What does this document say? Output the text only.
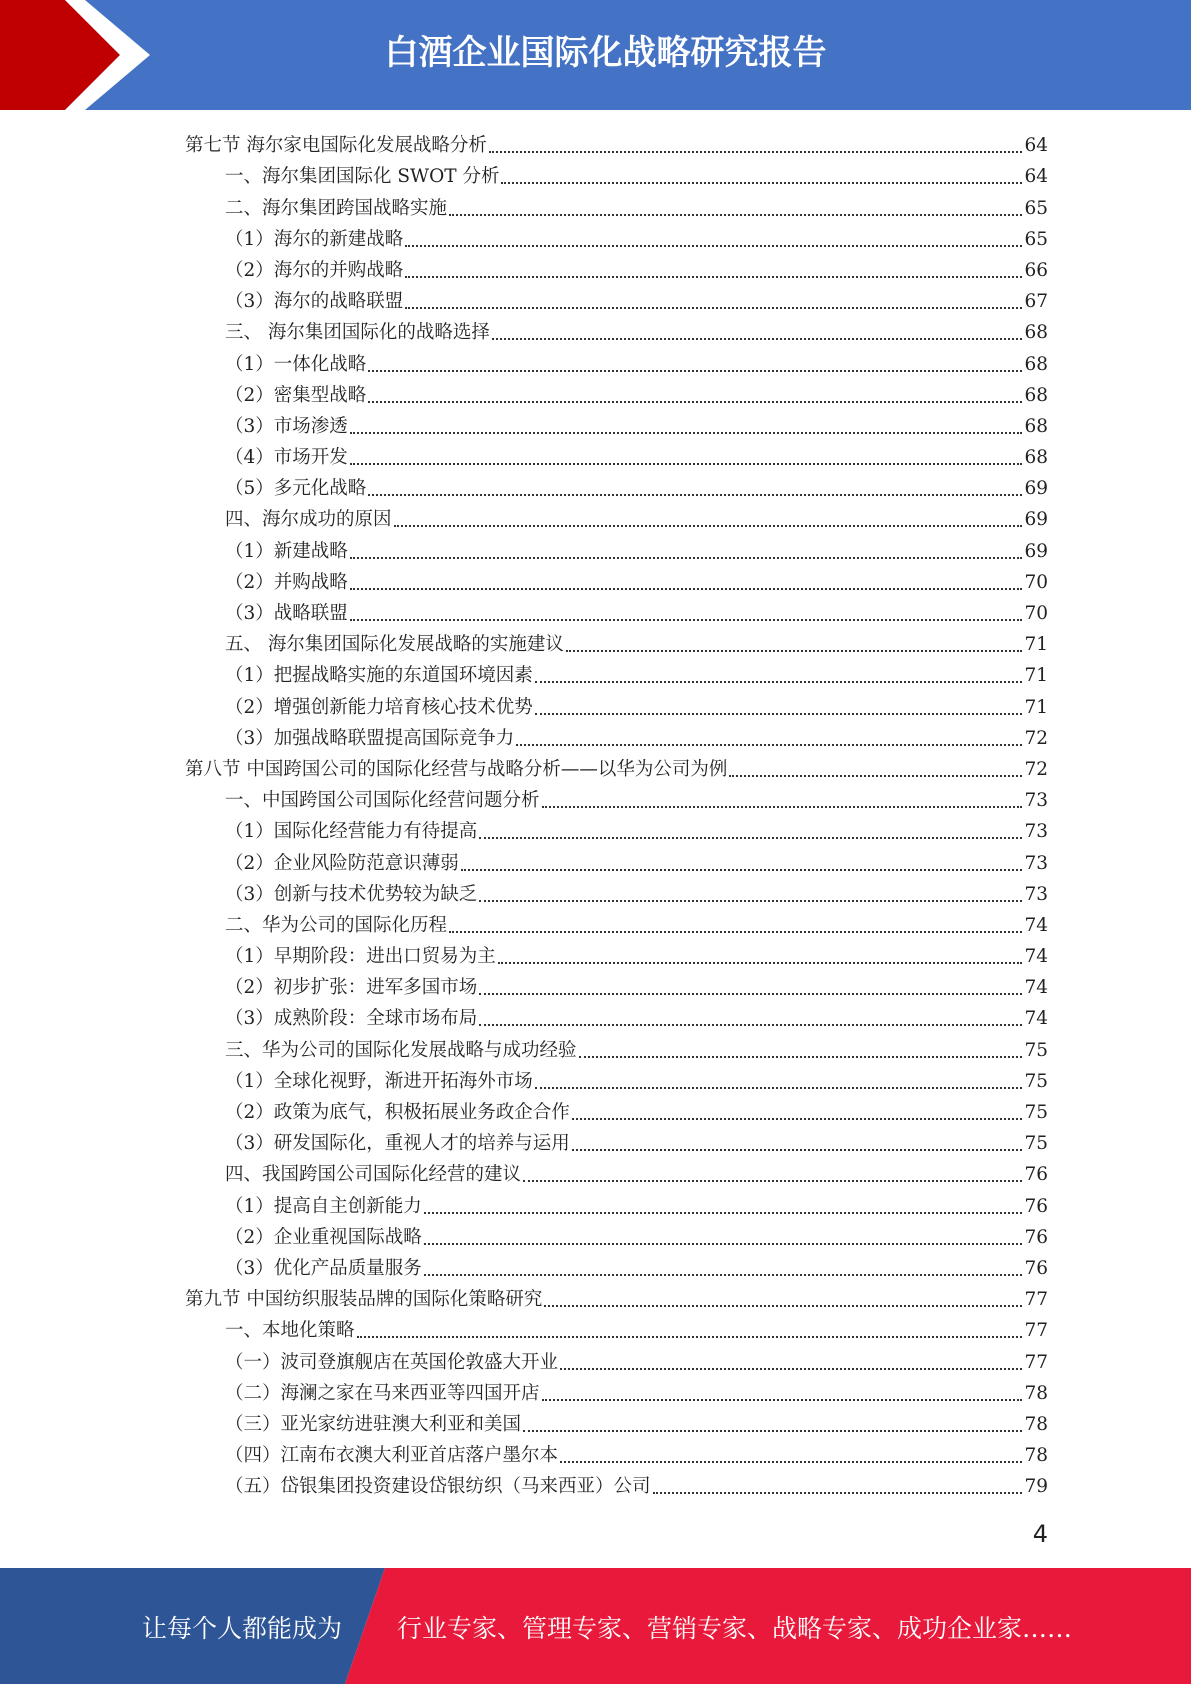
白酒企业国际化战略研究报告
第七节 海尔家电国际化发展战略分析	64
一、海尔集团国际化 SWOT 分析	64
二、海尔集团跨国战略实施	65
（1）海尔的新建战略	65
（2）海尔的并购战略	66
（3）海尔的战略联盟	67
三、 海尔集团国际化的战略选择	68
（1）一体化战略	68
（2）密集型战略	68
（3）市场渗透	68
（4）市场开发	68
（5）多元化战略	69
四、海尔成功的原因	69
（1）新建战略	69
（2）并购战略	70
（3）战略联盟	70
五、 海尔集团国际化发展战略的实施建议	71
（1）把握战略实施的东道国环境因素	71
（2）增强创新能力培育核心技术优势	71
（3）加强战略联盟提高国际竞争力	72
第八节 中国跨国公司的国际化经营与战略分析——以华为公司为例	72
一、中国跨国公司国际化经营问题分析	73
（1）国际化经营能力有待提高	73
（2）企业风险防范意识薄弱	73
（3）创新与技术优势较为缺乏	73
二、华为公司的国际化历程	74
（1）早期阶段：进出口贸易为主	74
（2）初步扩张：进军多国市场	74
（3）成熟阶段：全球市场布局	74
三、华为公司的国际化发展战略与成功经验	75
（1）全球化视野，渐进开拓海外市场	75
（2）政策为底气，积极拓展业务政企合作	75
（3）研发国际化，重视人才的培养与运用	75
四、我国跨国公司国际化经营的建议	76
（1）提高自主创新能力	76
（2）企业重视国际战略	76
（3）优化产品质量服务	76
第九节 中国纺织服装品牌的国际化策略研究	77
一、本地化策略	77
（一）波司登旗舰店在英国伦敦盛大开业	77
（二）海澜之家在马来西亚等四国开店	78
（三）亚光家纺进驻澳大利亚和美国	78
（四）江南布衣澳大利亚首店落户墨尔本	78
（五）岱银集团投资建设岱银纺织（马来西亚）公司	79
4
让每个人都能成为 行业专家、管理专家、营销专家、战略专家、成功企业家……
